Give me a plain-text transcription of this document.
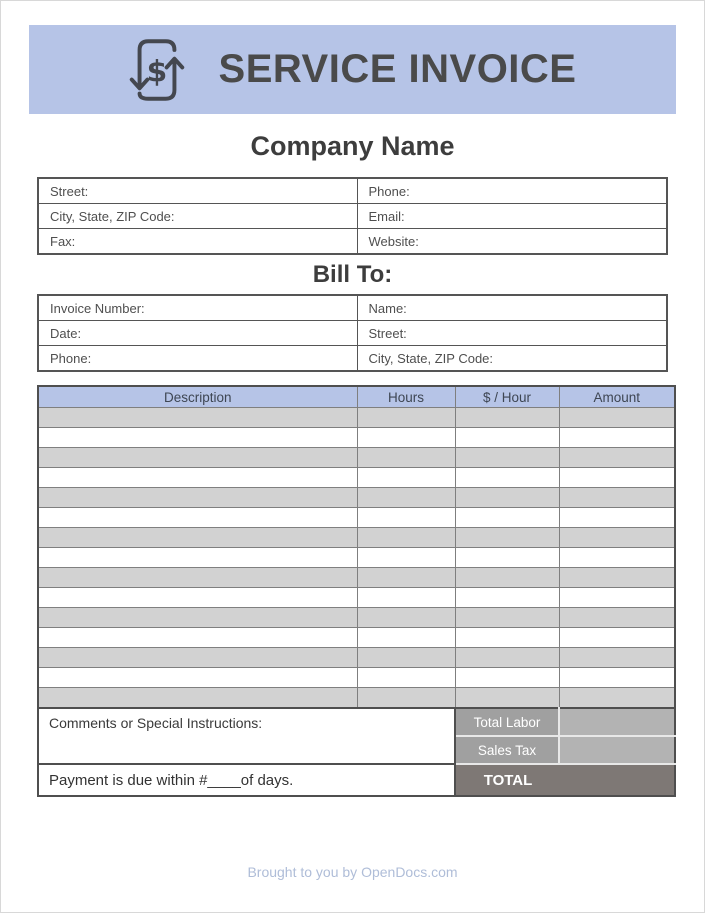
$ SERVICE INVOICE
Company Name
Street:	Phone:
City, State, ZIP Code:	Email:
Fax:	Website:
Bill To:
Invoice Number:	Name:
Date:	Street:
Phone:	City, State, ZIP Code:
Description	Hours	$ / Hour	Amount

Comments or Special Instructions:		Total Labor	
		Sales Tax	
Payment is due within #____of days.		TOTAL	
Brought to you by OpenDocs.com
